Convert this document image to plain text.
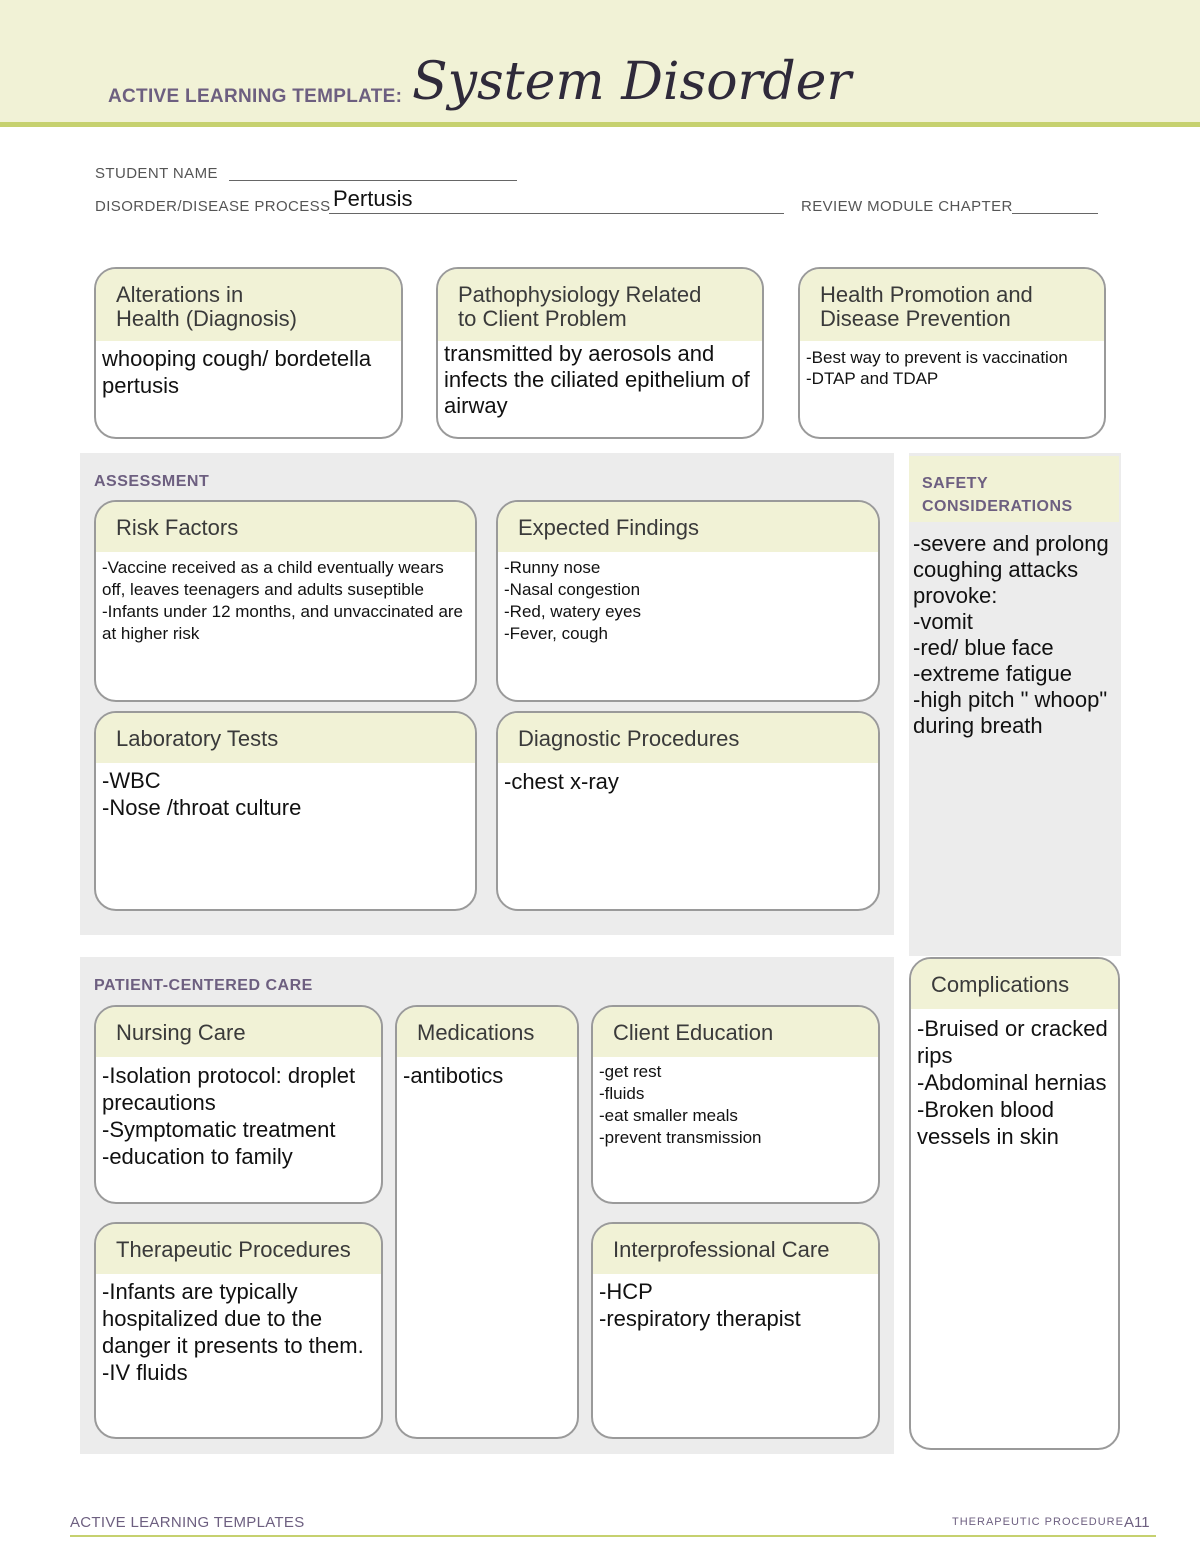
ACTIVE LEARNING TEMPLATE: System Disorder
STUDENT NAME
DISORDER/DISEASE PROCESS Pertusis	REVIEW MODULE CHAPTER
Alterations in
Health (Diagnosis)
whooping cough/ bordetella pertusis
Pathophysiology Related
to Client Problem
transmitted by aerosols and infects the ciliated epithelium of airway
Health Promotion and
Disease Prevention
-Best way to prevent is vaccination
-DTAP and TDAP
ASSESSMENT
Risk Factors
-Vaccine received as a child eventually wears off, leaves teenagers and adults suseptible
-Infants under 12 months, and unvaccinated are at higher risk
Expected Findings
-Runny nose
-Nasal congestion
-Red, watery eyes
-Fever, cough
Laboratory Tests
-WBC
-Nose /throat culture
Diagnostic Procedures
-chest x-ray
SAFETY
CONSIDERATIONS
-severe and prolong coughing attacks provoke:
-vomit
-red/ blue face
-extreme fatigue
-high pitch " whoop" during breath
PATIENT-CENTERED CARE
Nursing Care
-Isolation protocol: droplet precautions
-Symptomatic treatment
-education to family
Medications
-antibotics
Client Education
-get rest
-fluids
-eat smaller meals
-prevent transmission
Therapeutic Procedures
-Infants are typically hospitalized due to the danger it presents to them.
-IV fluids
Interprofessional Care
-HCP
-respiratory therapist
Complications
-Bruised or cracked rips
-Abdominal hernias
-Broken blood vessels in skin
ACTIVE LEARNING TEMPLATES	THERAPEUTIC PROCEDURE A11
